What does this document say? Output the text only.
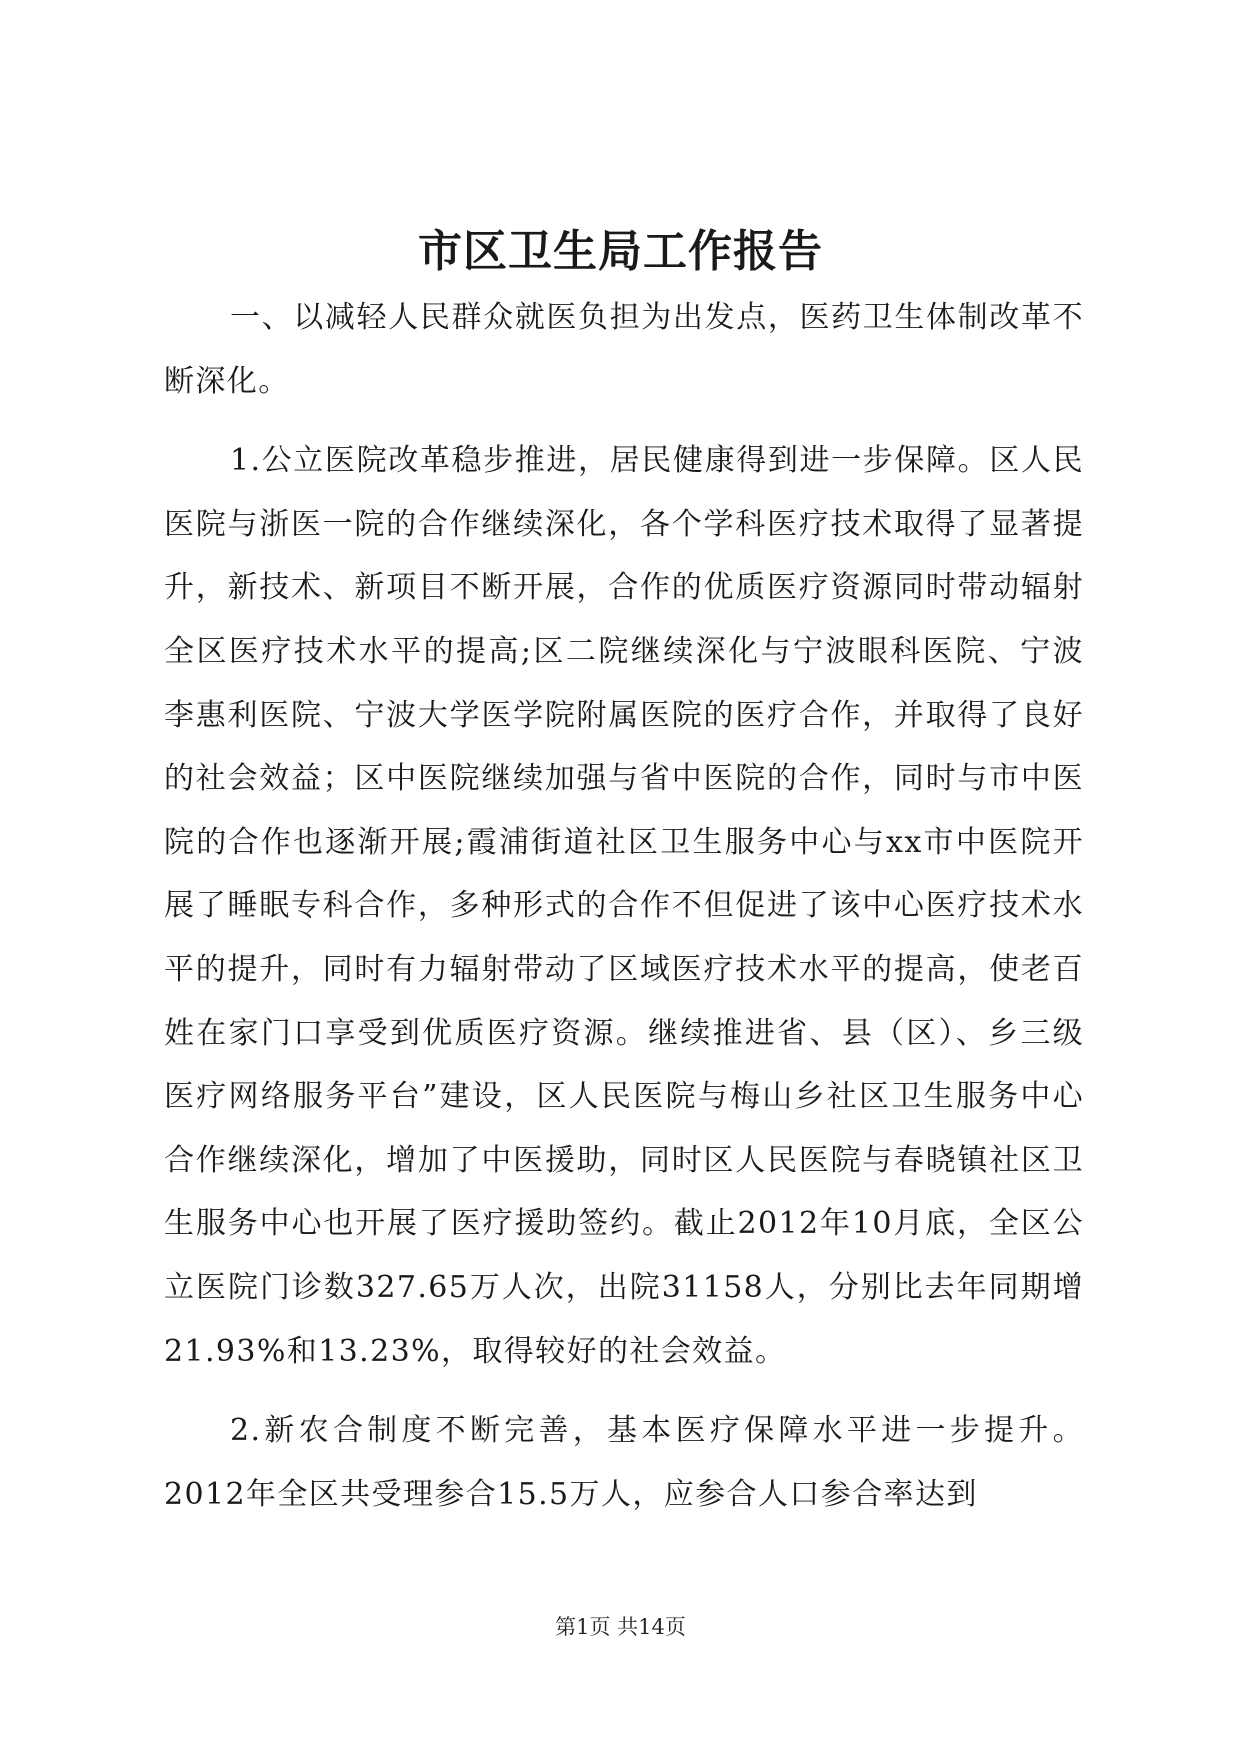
市区卫生局工作报告

一、以减轻人民群众就医负担为出发点，医药卫生体制改革不断深化。

1.公立医院改革稳步推进，居民健康得到进一步保障。区人民医院与浙医一院的合作继续深化，各个学科医疗技术取得了显著提升，新技术、新项目不断开展，合作的优质医疗资源同时带动辐射全区医疗技术水平的提高;区二院继续深化与宁波眼科医院、宁波李惠利医院、宁波大学医学院附属医院的医疗合作，并取得了良好的社会效益；区中医院继续加强与省中医院的合作，同时与市中医院的合作也逐渐开展;霞浦街道社区卫生服务中心与xx市中医院开展了睡眠专科合作，多种形式的合作不但促进了该中心医疗技术水平的提升，同时有力辐射带动了区域医疗技术水平的提高，使老百姓在家门口享受到优质医疗资源。继续推进省、县（区）、乡三级医疗网络服务平台”建设，区人民医院与梅山乡社区卫生服务中心合作继续深化，增加了中医援助，同时区人民医院与春晓镇社区卫生服务中心也开展了医疗援助签约。截止2012年10月底，全区公立医院门诊数327.65万人次，出院31158人，分别比去年同期增21.93%和13.23%，取得较好的社会效益。

2.新农合制度不断完善，基本医疗保障水平进一步提升。2012年全区共受理参合15.5万人，应参合人口参合率达到

第1页 共14页
